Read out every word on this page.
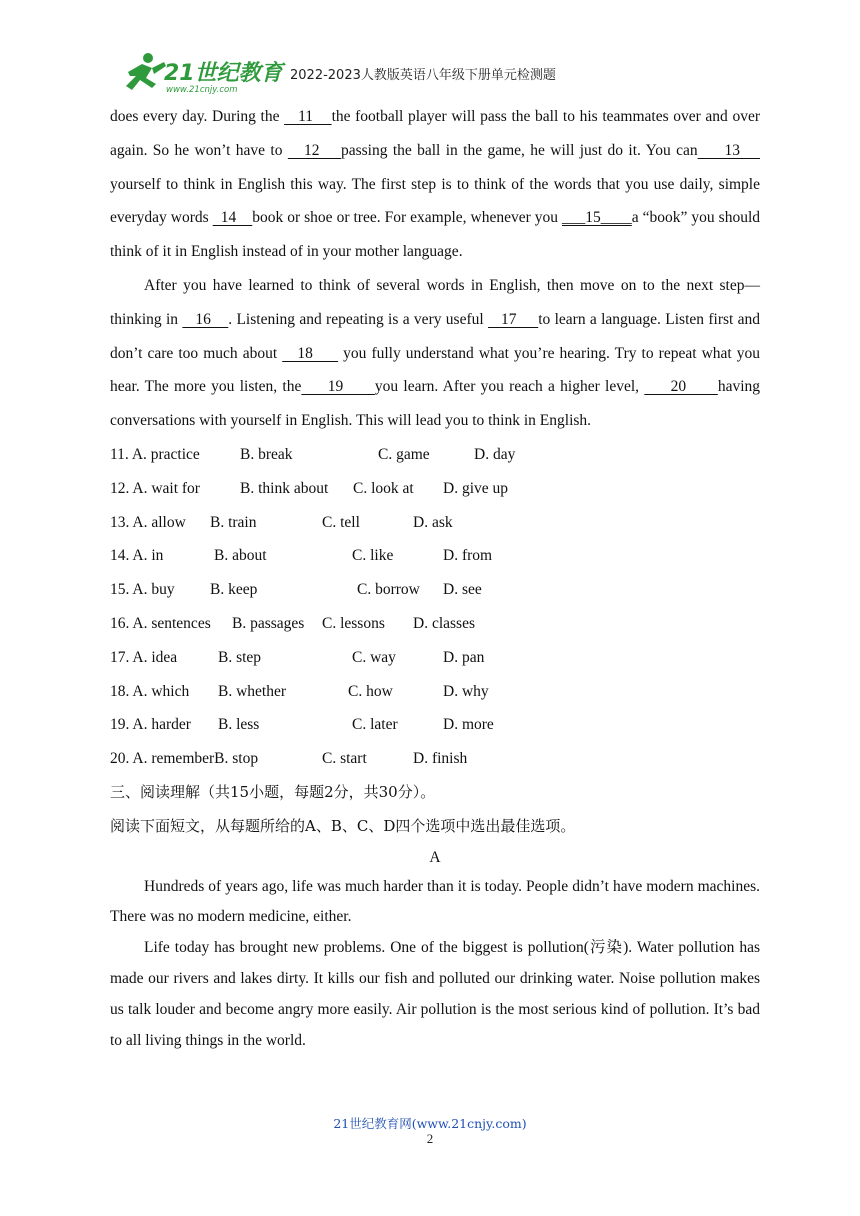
21世纪教育
www.21cnjy.com
2022-2023人教版英语八年级下册单元检测题

does every day. During the    11    the football player will pass the ball to his teammates over and over again. So he won’t have to    12    passing the ball in the game, he will just do it. You can     13     yourself to think in English this way. The first step is to think of the words that you use daily, simple everyday words   14    book or shoe or tree. For example, whenever you ___15____a “book” you should think of it in English instead of in your mother language.

After you have learned to think of several words in English, then move on to the next step—thinking in    16    . Listening and repeating is a very useful    17     to learn a language. Listen first and don’t care too much about    18      you fully understand what you’re hearing. Try to repeat what you hear. The more you listen, the     19      you learn. After you reach a higher level,      20      having conversations with yourself in English. This will lead you to think in English.

11. A. practice	B. break	C. game	D. day
12. A. wait for	B. think about C. look at D. give up
13. A. allow B. train	C. tell	D. ask
14. A. in	B. about	C. like	D. from
15. A. buy B. keep	C. borrow D. see
16. A. sentences B. passages C. lessons D. classes
17. A. idea	B. step	C. way	D. pan
18. A. which B. whether	C. how	D. why
19. A. harder B. less	C. later	D. more
20. A. rememberB. stop	C. start	D. finish
三、阅读理解（共15小题，每题2分，共30分）。
阅读下面短文，从每题所给的A、B、C、D四个选项中选出最佳选项。
A

Hundreds of years ago, life was much harder than it is today. People didn’t have modern machines. There was no modern medicine, either.

Life today has brought new problems. One of the biggest is pollution(污染). Water pollution has made our rivers and lakes dirty. It kills our fish and polluted our drinking water. Noise pollution makes us talk louder and become angry more easily. Air pollution is the most serious kind of pollution. It’s bad to all living things in the world.

21世纪教育网(www.21cnjy.com)
2
